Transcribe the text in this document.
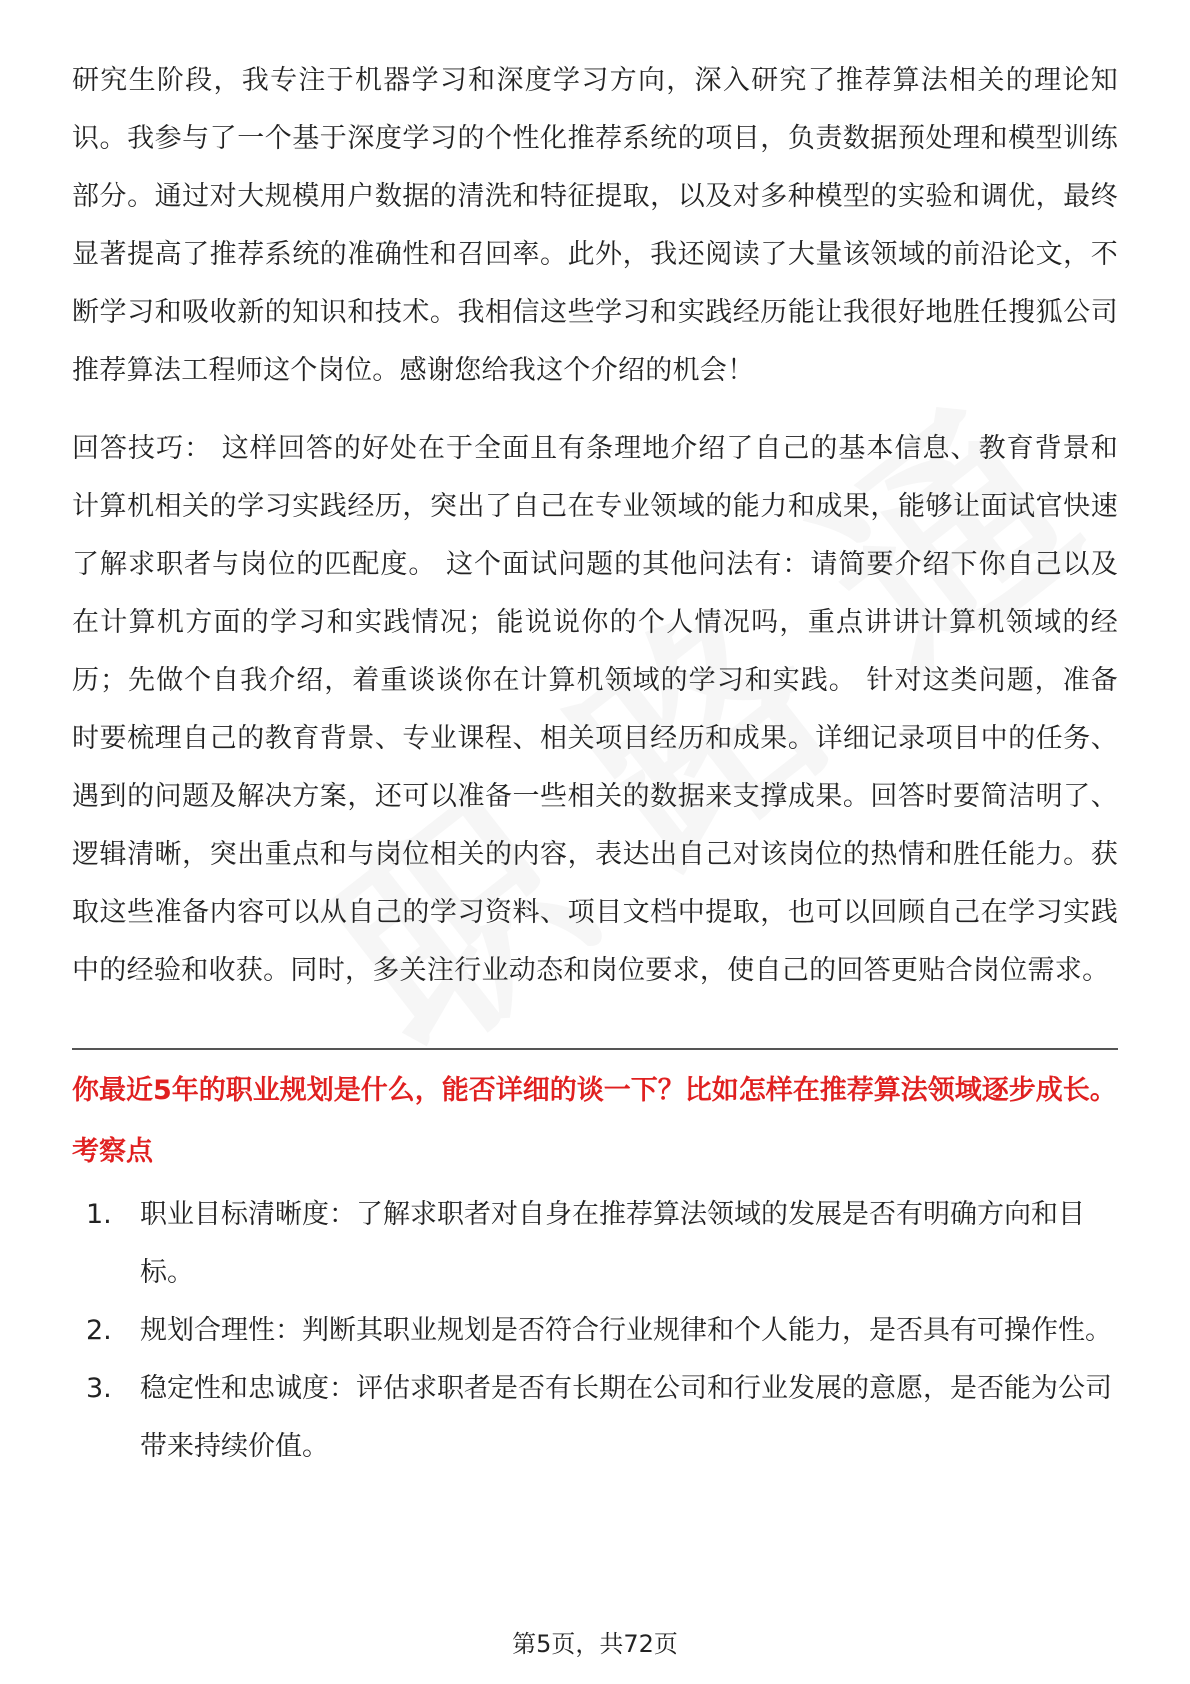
研究生阶段，我专注于机器学习和深度学习方向，深入研究了推荐算法相关的理论知识。我参与了一个基于深度学习的个性化推荐系统的项目，负责数据预处理和模型训练部分。通过对大规模用户数据的清洗和特征提取，以及对多种模型的实验和调优，最终显著提高了推荐系统的准确性和召回率。此外，我还阅读了大量该领域的前沿论文，不断学习和吸收新的知识和技术。我相信这些学习和实践经历能让我很好地胜任搜狐公司推荐算法工程师这个岗位。感谢您给我这个介绍的机会！

回答技巧： 这样回答的好处在于全面且有条理地介绍了自己的基本信息、教育背景和计算机相关的学习实践经历，突出了自己在专业领域的能力和成果，能够让面试官快速了解求职者与岗位的匹配度。 这个面试问题的其他问法有：请简要介绍下你自己以及在计算机方面的学习和实践情况；能说说你的个人情况吗，重点讲讲计算机领域的经历；先做个自我介绍，着重谈谈你在计算机领域的学习和实践。 针对这类问题，准备时要梳理自己的教育背景、专业课程、相关项目经历和成果。详细记录项目中的任务、遇到的问题及解决方案，还可以准备一些相关的数据来支撑成果。回答时要简洁明了、逻辑清晰，突出重点和与岗位相关的内容，表达出自己对该岗位的热情和胜任能力。获取这些准备内容可以从自己的学习资料、项目文档中提取，也可以回顾自己在学习实践中的经验和收获。同时，多关注行业动态和岗位要求，使自己的回答更贴合岗位需求。

你最近5年的职业规划是什么，能否详细的谈一下？比如怎样在推荐算法领域逐步成长。

考察点
1.	职业目标清晰度：了解求职者对自身在推荐算法领域的发展是否有明确方向和目标。
2.	规划合理性：判断其职业规划是否符合行业规律和个人能力，是否具有可操作性。
3.	稳定性和忠诚度：评估求职者是否有长期在公司和行业发展的意愿，是否能为公司带来持续价值。
第5页，共72页
